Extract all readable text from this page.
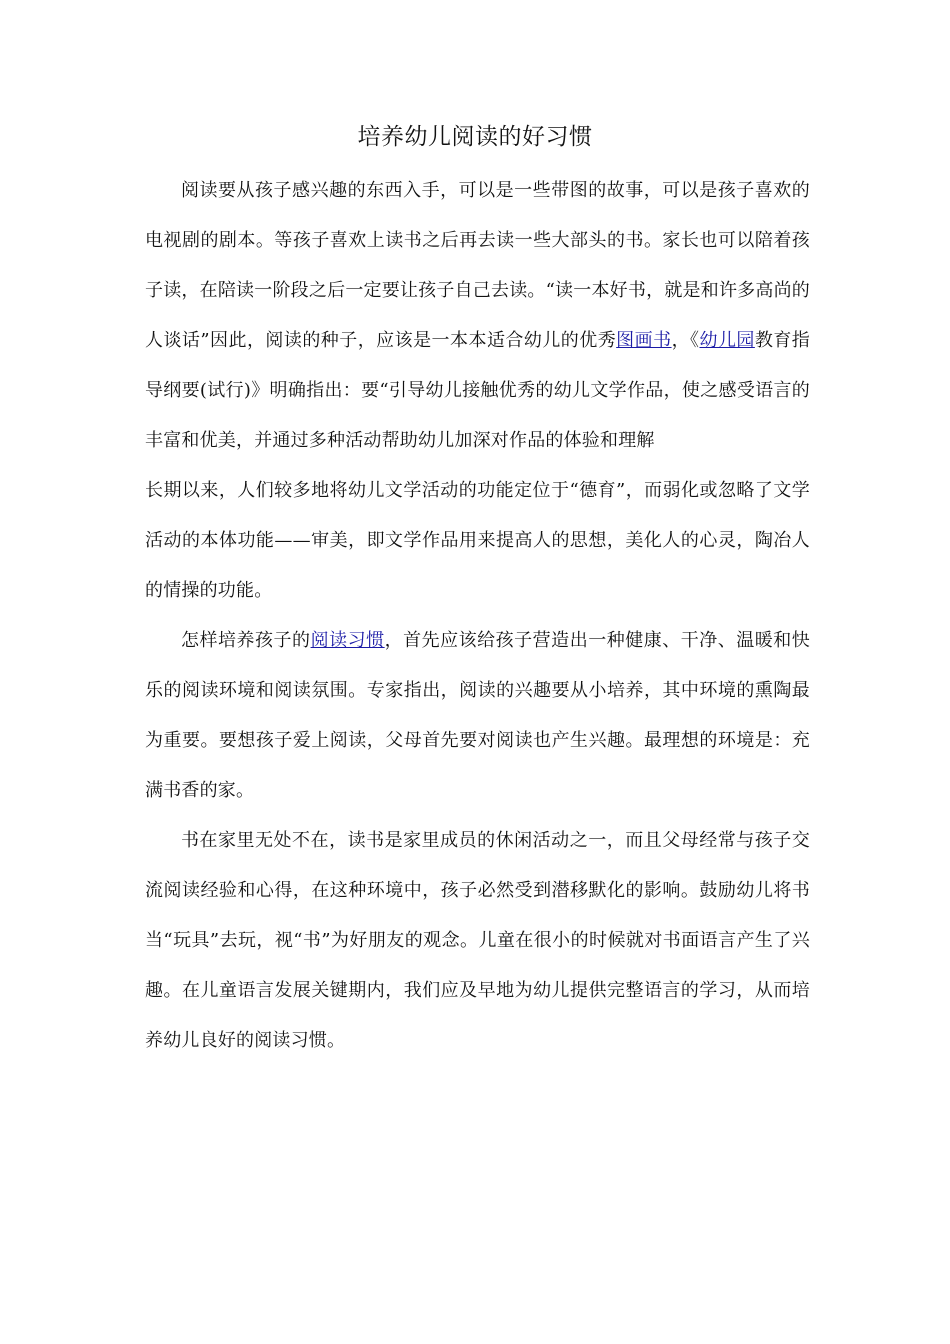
培养幼儿阅读的好习惯

阅读要从孩子感兴趣的东西入手，可以是一些带图的故事，可以是孩子喜欢的电视剧的剧本。等孩子喜欢上读书之后再去读一些大部头的书。家长也可以陪着孩子读，在陪读一阶段之后一定要让孩子自己去读。“读一本好书，就是和许多高尚的人谈话”因此，阅读的种子，应该是一本本适合幼儿的优秀图画书，《幼儿园教育指导纲要(试行)》明确指出：要“引导幼儿接触优秀的幼儿文学作品，使之感受语言的丰富和优美，并通过多种活动帮助幼儿加深对作品的体验和理解

长期以来，人们较多地将幼儿文学活动的功能定位于“德育”，而弱化或忽略了文学活动的本体功能——审美，即文学作品用来提高人的思想，美化人的心灵，陶冶人的情操的功能。

怎样培养孩子的阅读习惯，首先应该给孩子营造出一种健康、干净、温暖和快乐的阅读环境和阅读氛围。专家指出，阅读的兴趣要从小培养，其中环境的熏陶最为重要。要想孩子爱上阅读，父母首先要对阅读也产生兴趣。最理想的环境是：充满书香的家。

书在家里无处不在，读书是家里成员的休闲活动之一，而且父母经常与孩子交流阅读经验和心得，在这种环境中，孩子必然受到潜移默化的影响。鼓励幼儿将书当“玩具”去玩，视“书”为好朋友的观念。儿童在很小的时候就对书面语言产生了兴趣。在儿童语言发展关键期内，我们应及早地为幼儿提供完整语言的学习，从而培养幼儿良好的阅读习惯。
